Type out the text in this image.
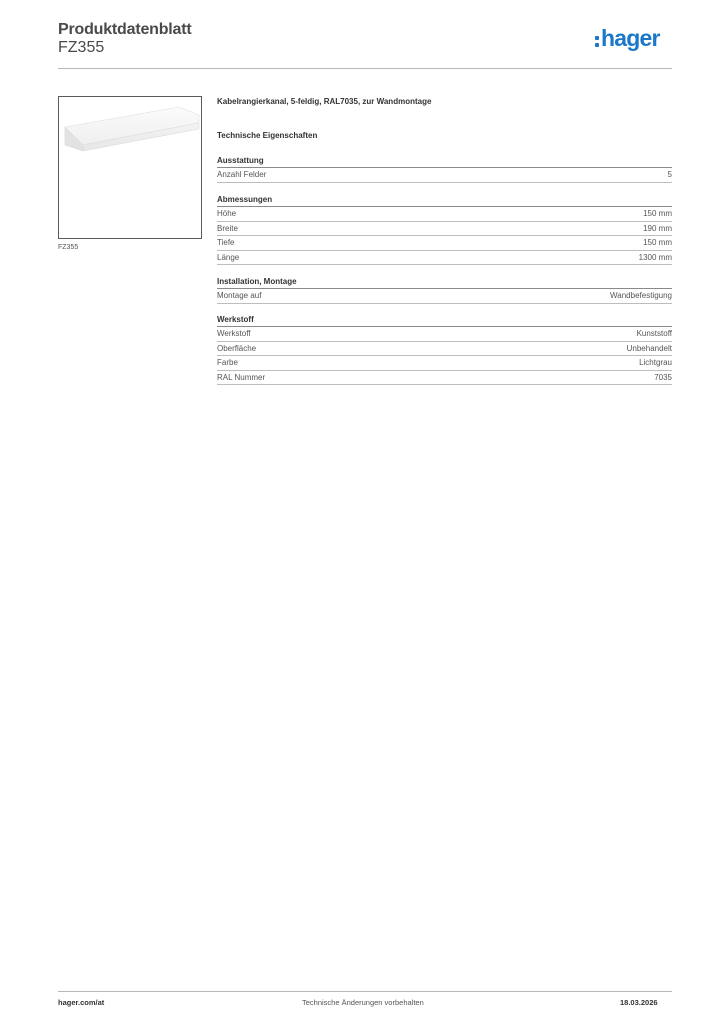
Produktdatenblatt
FZ355	hager
FZ355
Kabelrangierkanal, 5-feldig, RAL7035, zur Wandmontage
Technische Eigenschaften
Ausstattung
Anzahl Felder	5
Abmessungen
Höhe	150 mm
Breite	190 mm
Tiefe	150 mm
Länge	1300 mm
Installation, Montage
Montage auf	Wandbefestigung
Werkstoff
Werkstoff	Kunststoff
Oberfläche	Unbehandelt
Farbe	Lichtgrau
RAL Nummer	7035
hager.com/at	Technische Änderungen vorbehalten	18.03.2026
